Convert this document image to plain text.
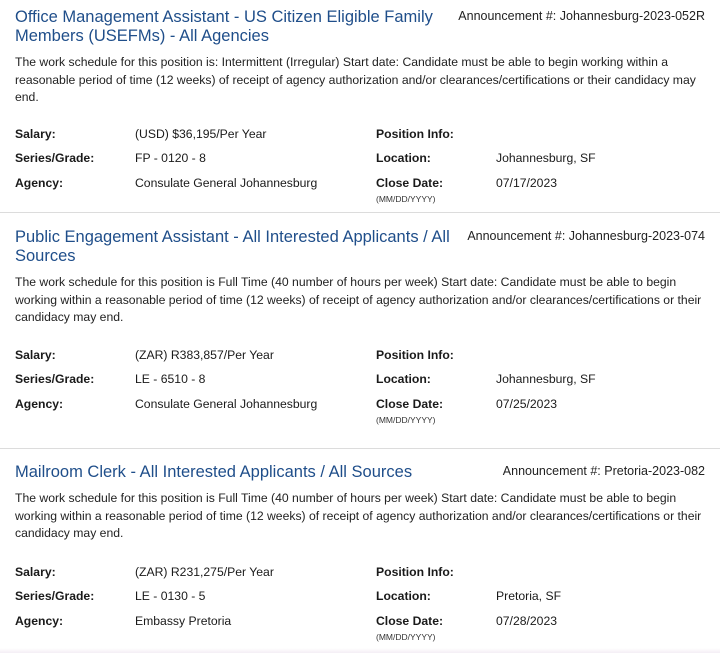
Office Management Assistant - US Citizen Eligible Family Members (USEFMs) - All Agencies
Announcement #: Johannesburg-2023-052R
The work schedule for this position is: Intermittent (Irregular) Start date: Candidate must be able to begin working within a reasonable period of time (12 weeks) of receipt of agency authorization and/or clearances/certifications or their candidacy may end.
Salary:	(USD) $36,195/Per Year	Position Info:
Series/Grade:	FP - 0120 - 8	Location:	Johannesburg, SF
Agency:	Consulate General Johannesburg	Close Date:	07/17/2023
(MM/DD/YYYY)
Public Engagement Assistant - All Interested Applicants / All Sources
Announcement #: Johannesburg-2023-074
The work schedule for this position is Full Time (40 number of hours per week) Start date: Candidate must be able to begin working within a reasonable period of time (12 weeks) of receipt of agency authorization and/or clearances/certifications or their candidacy may end.
Salary:	(ZAR) R383,857/Per Year	Position Info:
Series/Grade:	LE - 6510 - 8	Location:	Johannesburg, SF
Agency:	Consulate General Johannesburg	Close Date:	07/25/2023
(MM/DD/YYYY)
Mailroom Clerk - All Interested Applicants / All Sources	Announcement #: Pretoria-2023-082
The work schedule for this position is Full Time (40 number of hours per week) Start date: Candidate must be able to begin working within a reasonable period of time (12 weeks) of receipt of agency authorization and/or clearances/certifications or their candidacy may end.
Salary:	(ZAR) R231,275/Per Year	Position Info:
Series/Grade:	LE - 0130 - 5	Location:	Pretoria, SF
Agency:	Embassy Pretoria	Close Date:	07/28/2023
(MM/DD/YYYY)
